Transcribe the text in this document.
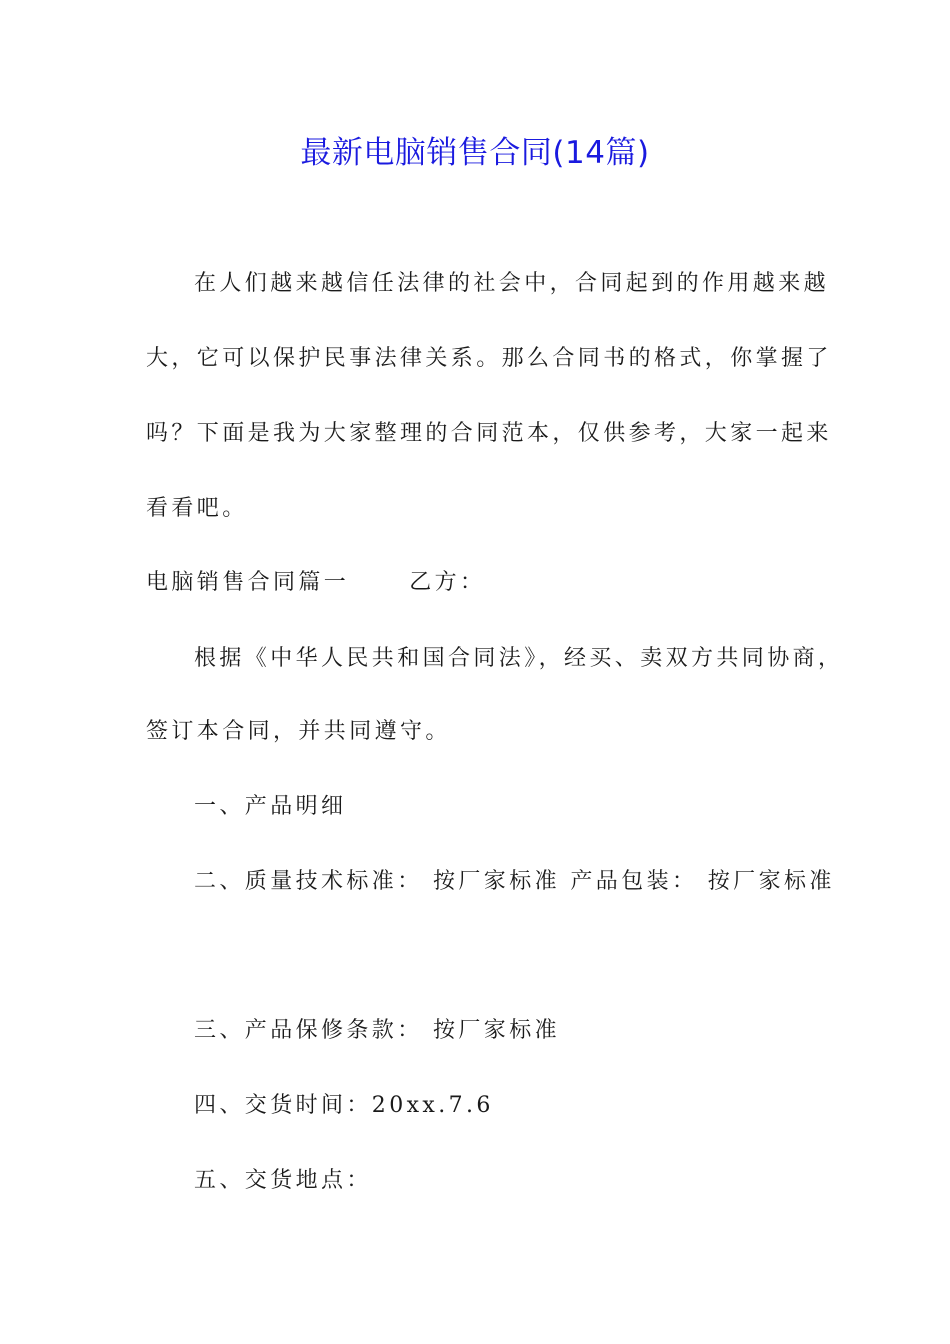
最新电脑销售合同(14篇)
在人们越来越信任法律的社会中，合同起到的作用越来越
大，它可以保护民事法律关系。那么合同书的格式，你掌握了
吗？下面是我为大家整理的合同范本，仅供参考，大家一起来
看看吧。
电脑销售合同篇一	乙方：
根据《中华人民共和国合同法》，经买、卖双方共同协商，
签订本合同，并共同遵守。
一、产品明细
二、质量技术标准： 按厂家标准 产品包装： 按厂家标准
三、产品保修条款： 按厂家标准
四、交货时间：20xx.7.6
五、交货地点：
